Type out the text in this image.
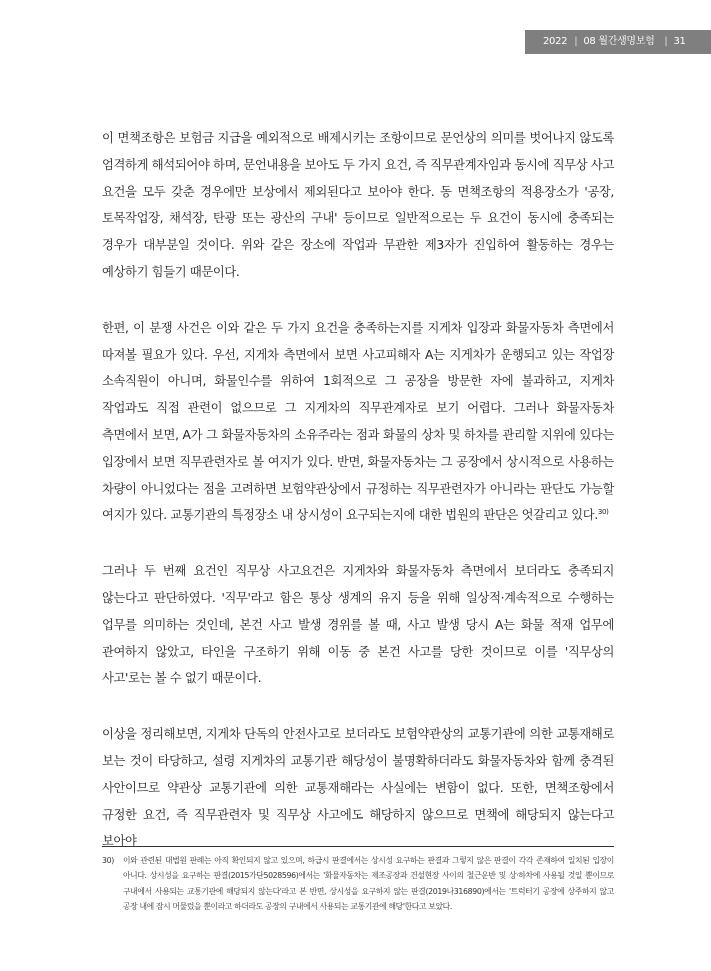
2022 | 08 월간생명보험 | 31

이 면책조항은 보험금 지급을 예외적으로 배제시키는 조항이므로 문언상의 의미를 벗어나지 않도록 엄격하게 해석되어야 하며, 문언내용을 보아도 두 가지 요건, 즉 직무관계자임과 동시에 직무상 사고 요건을 모두 갖춘 경우에만 보상에서 제외된다고 보아야 한다. 동 면책조항의 적용장소가 '공장, 토목작업장, 채석장, 탄광 또는 광산의 구내' 등이므로 일반적으로는 두 요건이 동시에 충족되는 경우가 대부분일 것이다. 위와 같은 장소에 작업과 무관한 제3자가 진입하여 활동하는 경우는 예상하기 힘들기 때문이다.

한편, 이 분쟁 사건은 이와 같은 두 가지 요건을 충족하는지를 지게차 입장과 화물자동차 측면에서 따져볼 필요가 있다. 우선, 지게차 측면에서 보면 사고피해자 A는 지게차가 운행되고 있는 작업장 소속직원이 아니며, 화물인수를 위하여 1회적으로 그 공장을 방문한 자에 불과하고, 지게차 작업과도 직접 관련이 없으므로 그 지게차의 직무관계자로 보기 어렵다. 그러나 화물자동차 측면에서 보면, A가 그 화물자동차의 소유주라는 점과 화물의 상차 및 하차를 관리할 지위에 있다는 입장에서 보면 직무관련자로 볼 여지가 있다. 반면, 화물자동차는 그 공장에서 상시적으로 사용하는 차량이 아니었다는 점을 고려하면 보험약관상에서 규정하는 직무관련자가 아니라는 판단도 가능할 여지가 있다. 교통기관의 특정장소 내 상시성이 요구되는지에 대한 법원의 판단은 엇갈리고 있다.$^{30)}$

그러나 두 번째 요건인 직무상 사고요건은 지게차와 화물자동차 측면에서 보더라도 충족되지 않는다고 판단하였다. '직무'라고 함은 통상 생계의 유지 등을 위해 일상적·계속적으로 수행하는 업무를 의미하는 것인데, 본건 사고 발생 경위를 볼 때, 사고 발생 당시 A는 화물 적재 업무에 관여하지 않았고, 타인을 구조하기 위해 이동 중 본건 사고를 당한 것이므로 이를 '직무상의 사고'로는 볼 수 없기 때문이다.

이상을 정리해보면, 지게차 단독의 안전사고로 보더라도 보험약관상의 교통기관에 의한 교통재해로 보는 것이 타당하고, 설령 지게차의 교통기관 해당성이 불명확하더라도 화물자동차와 함께 충격된 사안이므로 약관상 교통기관에 의한 교통재해라는 사실에는 변함이 없다. 또한, 면책조항에서 규정한 요건, 즉 직무관련자 및 직무상 사고에도 해당하지 않으므로 면책에 해당되지 않는다고 보아야

30) 이와 관련된 대법원 판례는 아직 확인되지 않고 있으며, 하급시 판결에서는 상시성 요구하는 판결과 그렇지 않은 판결이 각각 존재하여 일치된 입장이 아니다. 상시성을 요구하는 판결(2015가단5028596)에서는 '화물자동차는 제조공장과 건설현장 사이의 철근운반 및 상·하차에 사용될 것일 뿐이므로 구내에서 사용되는 교통기관에 해당되지 않는다'라고 본 반면, 상시성을 요구하지 않는 판결(2019나316890)에서는 '트럭터기 공장에 상주하지 않고 공장 내에 잠시 머물렀을 뿐이라고 하더라도 공장의 구내에서 사용되는 교통기관에 해당'한다고 보았다.
